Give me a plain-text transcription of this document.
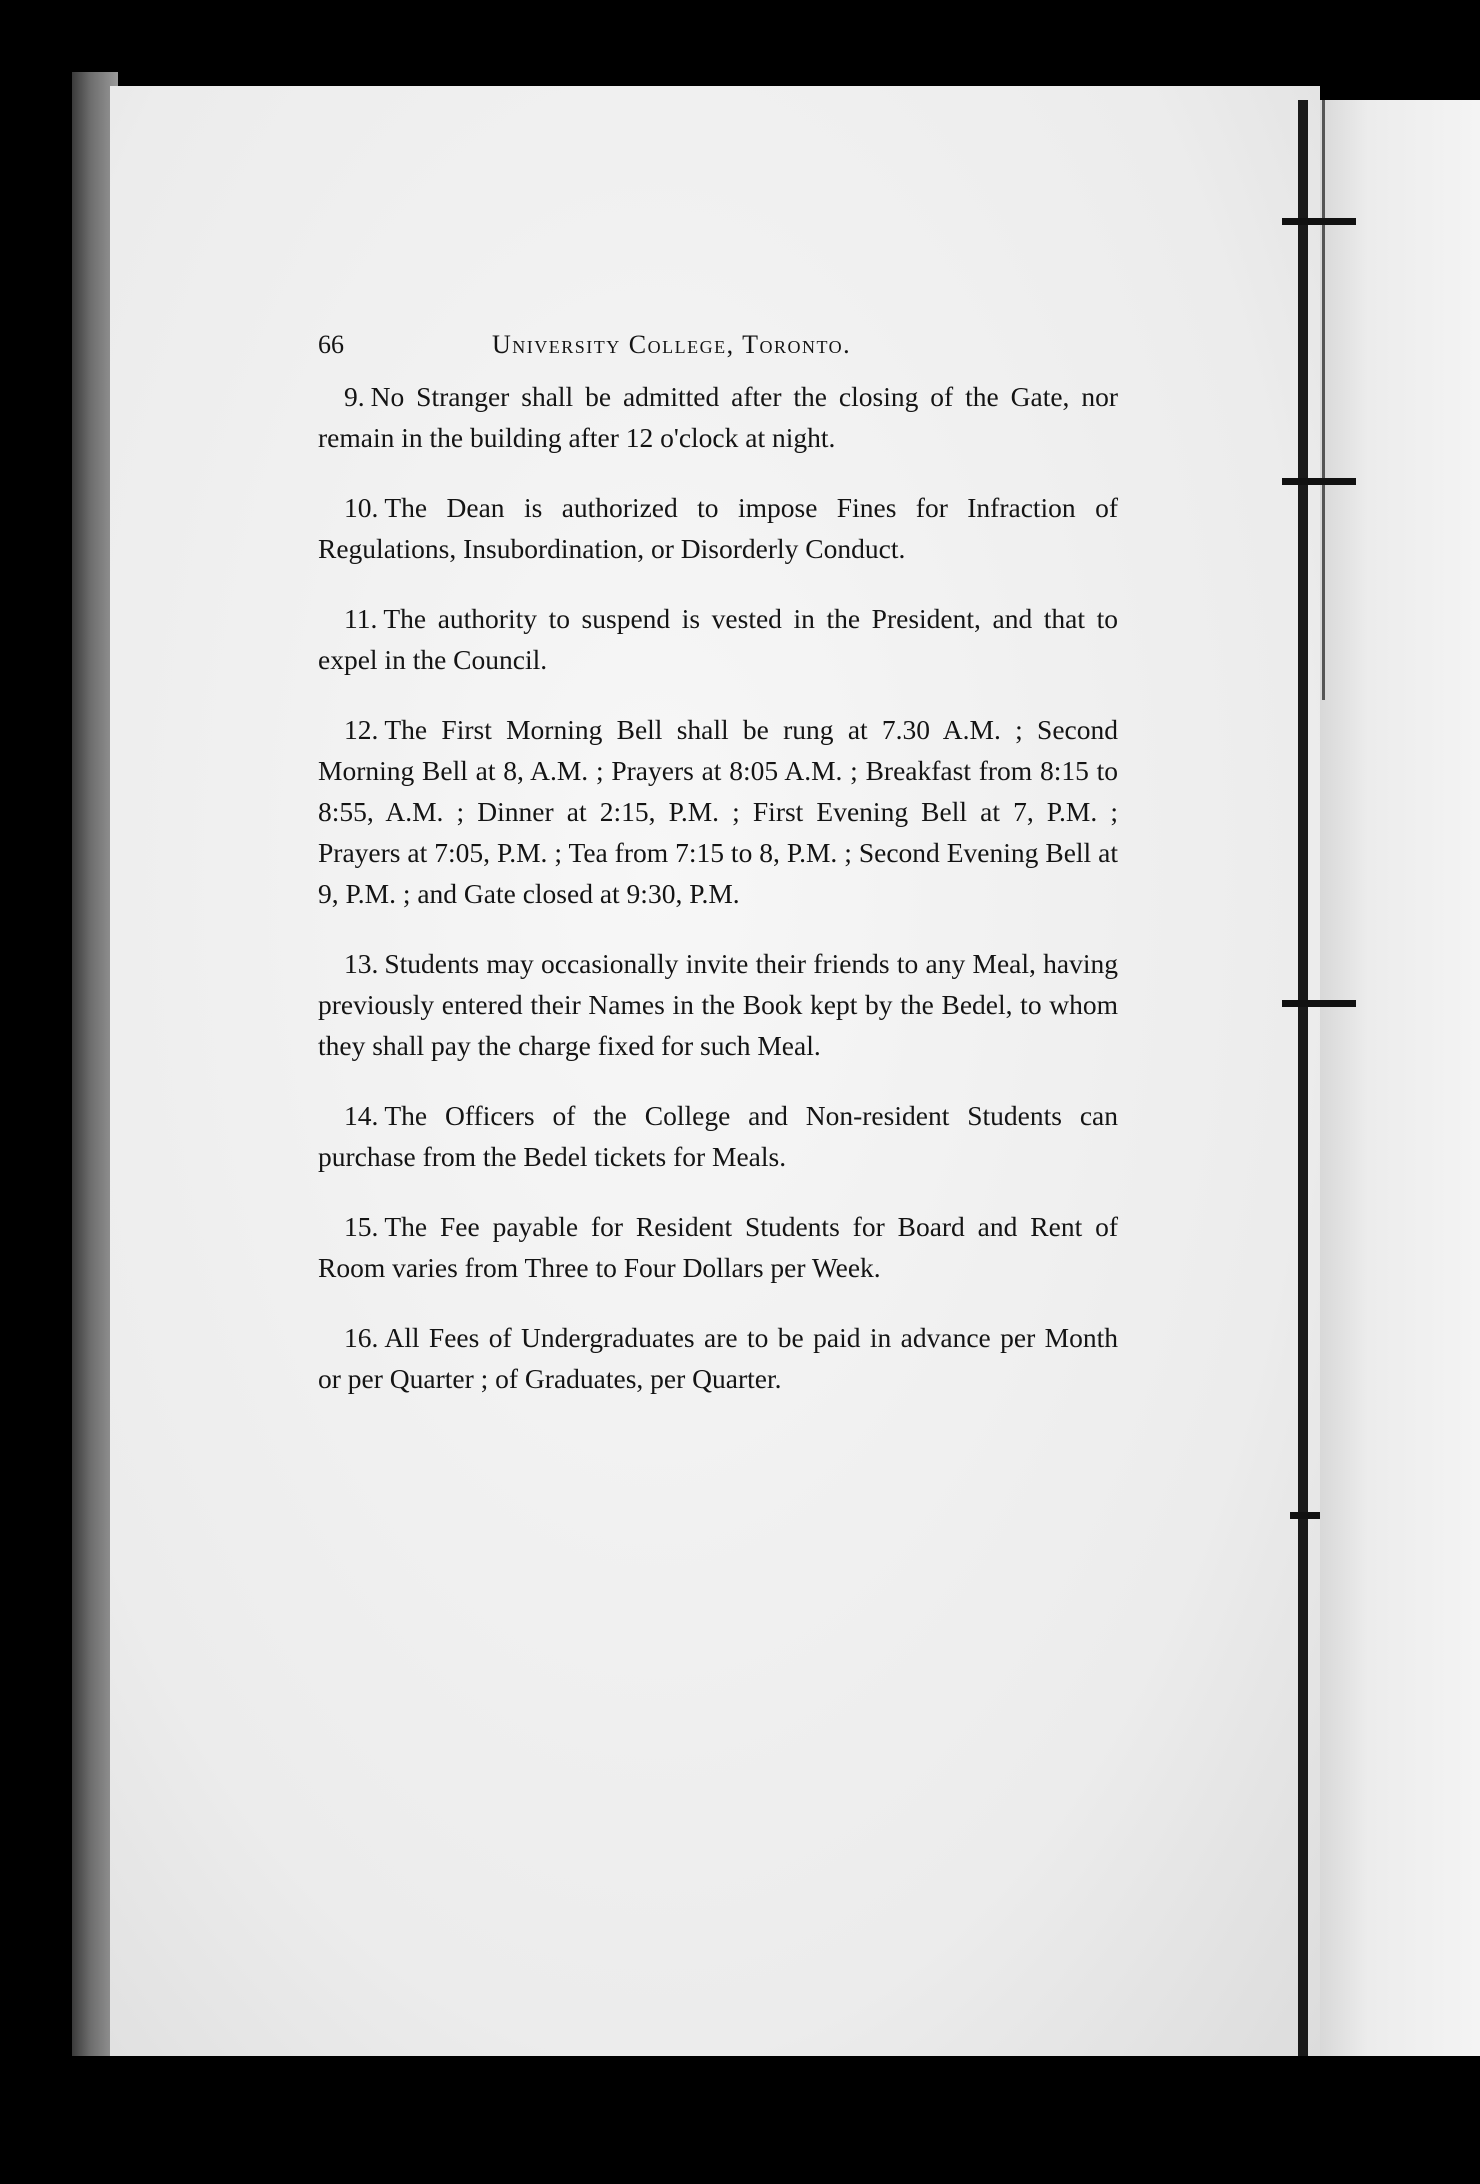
66	University College, Toronto.

9. No Stranger shall be admitted after the closing of the Gate, nor remain in the building after 12 o'clock at night.

10. The Dean is authorized to impose Fines for Infraction of Regulations, Insubordination, or Disorderly Conduct.

11. The authority to suspend is vested in the President, and that to expel in the Council.

12. The First Morning Bell shall be rung at 7.30 A.M. ; Second Morning Bell at 8, A.M. ; Prayers at 8:05 A.M. ; Breakfast from 8:15 to 8:55, A.M. ; Dinner at 2:15, P.M. ; First Evening Bell at 7, P.M. ; Prayers at 7:05, P.M. ; Tea from 7:15 to 8, P.M. ; Second Evening Bell at 9, P.M. ; and Gate closed at 9:30, P.M.

13. Students may occasionally invite their friends to any Meal, having previously entered their Names in the Book kept by the Bedel, to whom they shall pay the charge fixed for such Meal.

14. The Officers of the College and Non-resident Students can purchase from the Bedel tickets for Meals.

15. The Fee payable for Resident Students for Board and Rent of Room varies from Three to Four Dollars per Week.

16. All Fees of Undergraduates are to be paid in advance per Month or per Quarter ; of Graduates, per Quarter.
